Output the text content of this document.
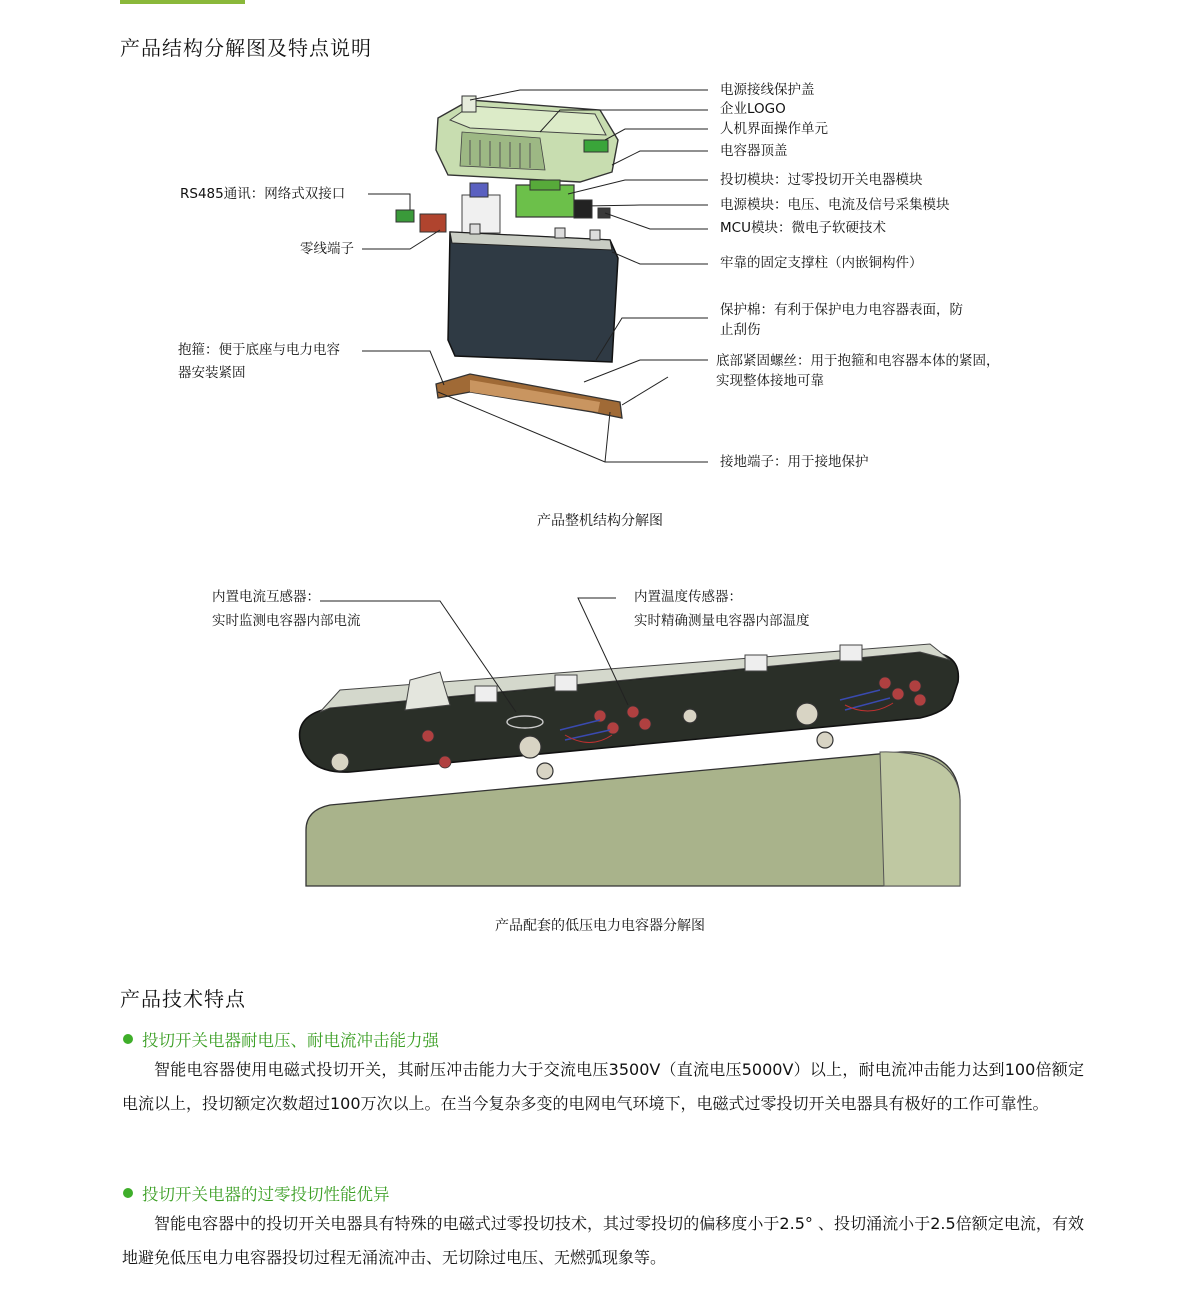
产品结构分解图及特点说明
电源接线保护盖
企业LOGO
人机界面操作单元
电容器顶盖
投切模块：过零投切开关电器模块
电源模块：电压、电流及信号采集模块
MCU模块：微电子软硬技术
牢靠的固定支撑柱（内嵌铜构件）
保护棉：有利于保护电力电容器表面，防
止刮伤
底部紧固螺丝：用于抱箍和电容器本体的紧固，
实现整体接地可靠
接地端子：用于接地保护
RS485通讯：网络式双接口
零线端子
抱箍：便于底座与电力电容
器安装紧固
产品整机结构分解图
内置电流互感器：
实时监测电容器内部电流
内置温度传感器：
实时精确测量电容器内部温度
产品配套的低压电力电容器分解图
产品技术特点
投切开关电器耐电压、耐电流冲击能力强
智能电容器使用电磁式投切开关，其耐压冲击能力大于交流电压3500V（直流电压5000V）以上，耐电流冲击能力达到100倍额定电流以上，投切额定次数超过100万次以上。在当今复杂多变的电网电气环境下，电磁式过零投切开关电器具有极好的工作可靠性。
投切开关电器的过零投切性能优异
智能电容器中的投切开关电器具有特殊的电磁式过零投切技术，其过零投切的偏移度小于2.5° 、投切涌流小于2.5倍额定电流，有效地避免低压电力电容器投切过程无涌流冲击、无切除过电压、无燃弧现象等。
